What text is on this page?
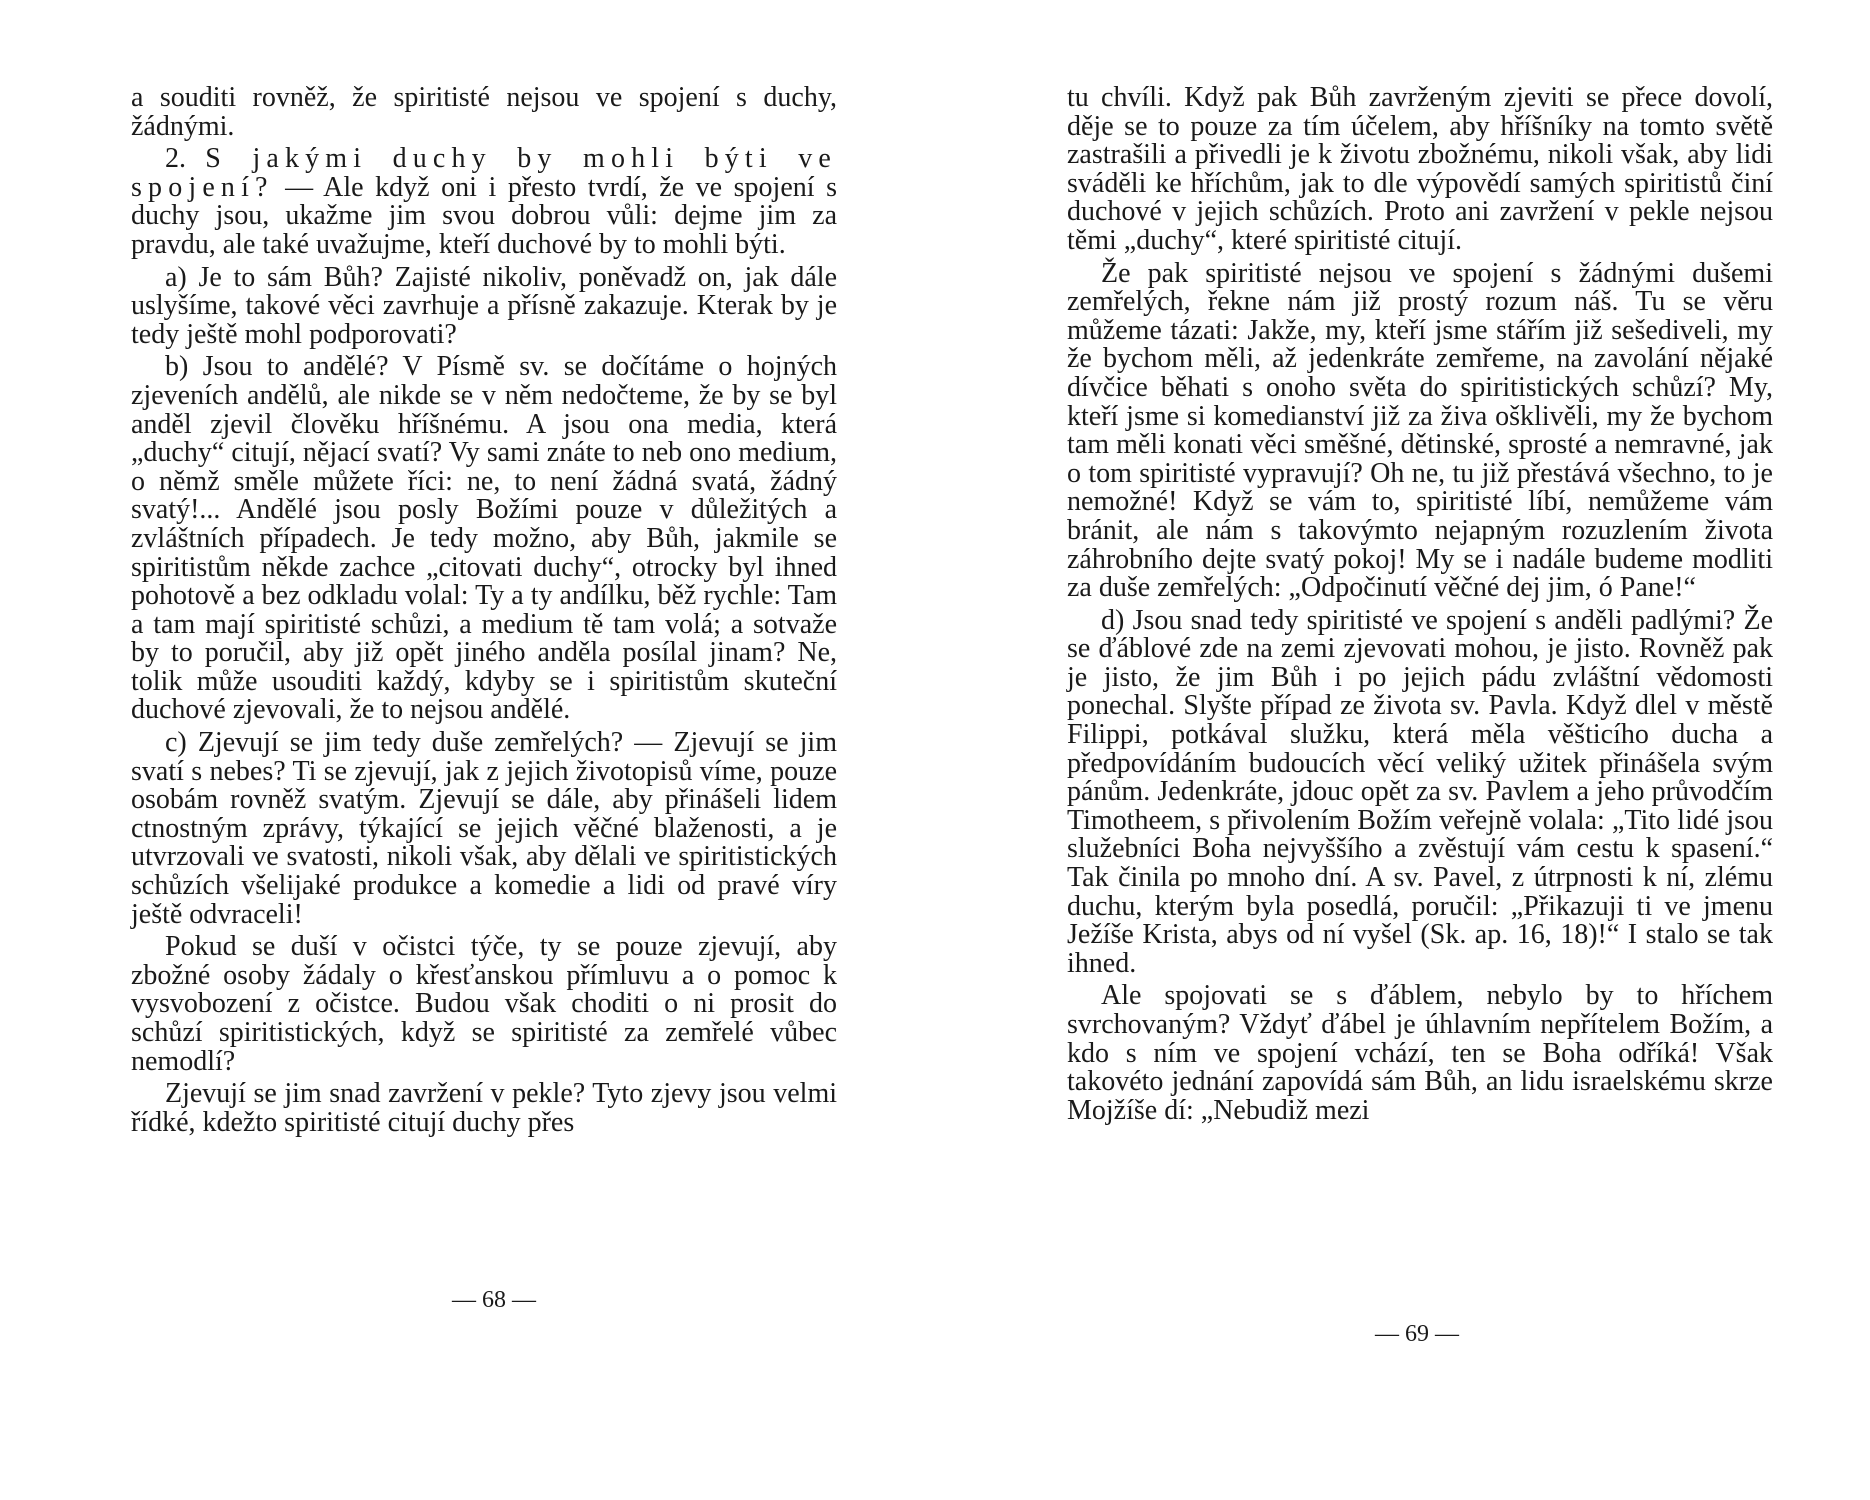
a souditi rovněž, že spiritisté nejsou ve spojení s duchy, žádnými.

2. S jakými duchy by mohli býti ve spojení? — Ale když oni i přesto tvrdí, že ve spojení s duchy jsou, ukažme jim svou dobrou vůli: dejme jim za pravdu, ale také uvažujme, kteří duchové by to mohli býti.

a) Je to sám Bůh? Zajisté nikoliv, poněvadž on, jak dále uslyšíme, takové věci zavrhuje a přísně zakazuje. Kterak by je tedy ještě mohl podporovati?

b) Jsou to andělé? V Písmě sv. se dočítáme o hojných zjeveních andělů, ale nikde se v něm nedočteme, že by se byl anděl zjevil člověku hříšnému. A jsou ona media, která „duchy“ citují, nějací svatí? Vy sami znáte to neb ono medium, o němž směle můžete říci: ne, to není žádná svatá, žádný svatý!... Andělé jsou posly Božími pouze v důležitých a zvláštních případech. Je tedy možno, aby Bůh, jakmile se spiritistům někde zachce „citovati duchy“, otrocky byl ihned pohotově a bez odkladu volal: Ty a ty andílku, běž rychle: Tam a tam mají spiritisté schůzi, a medium tě tam volá; a sotvaže by to poručil, aby již opět jiného anděla posílal jinam? Ne, tolik může usouditi každý, kdyby se i spiritistům skuteční duchové zjevovali, že to nejsou andělé.

c) Zjevují se jim tedy duše zemřelých? — Zjevují se jim svatí s nebes? Ti se zjevují, jak z jejich životopisů víme, pouze osobám rovněž svatým. Zjevují se dále, aby přinášeli lidem ctnostným zprávy, týkající se jejich věčné blaženosti, a je utvrzovali ve svatosti, nikoli však, aby dělali ve spiritistických schůzích všelijaké produkce a komedie a lidi od pravé víry ještě odvraceli!

Pokud se duší v očistci týče, ty se pouze zjevují, aby zbožné osoby žádaly o křesťanskou přímluvu a o pomoc k vysvobození z očistce. Budou však choditi o ni prosit do schůzí spiritistických, když se spiritisté za zemřelé vůbec nemodlí?

Zjevují se jim snad zavržení v pekle? Tyto zjevy jsou velmi řídké, kdežto spiritisté citují duchy přes

— 68 —

tu chvíli. Když pak Bůh zavrženým zjeviti se přece dovolí, děje se to pouze za tím účelem, aby hříšníky na tomto světě zastrašili a přivedli je k životu zbožnému, nikoli však, aby lidi sváděli ke hříchům, jak to dle výpovědí samých spiritistů činí duchové v jejich schůzích. Proto ani zavržení v pekle nejsou těmi „duchy“, které spiritisté citují.

Že pak spiritisté nejsou ve spojení s žádnými dušemi zemřelých, řekne nám již prostý rozum náš. Tu se věru můžeme tázati: Jakže, my, kteří jsme stářím již sešediveli, my že bychom měli, až jedenkráte zemřeme, na zavolání nějaké dívčice běhati s onoho světa do spiritistických schůzí? My, kteří jsme si komedianství již za živa ošklivěli, my že bychom tam měli konati věci směšné, dětinské, sprosté a nemravné, jak o tom spiritisté vypravují? Oh ne, tu již přestává všechno, to je nemožné! Když se vám to, spiritisté líbí, nemůžeme vám bránit, ale nám s takovýmto nejapným rozuzlením života záhrobního dejte svatý pokoj! My se i nadále budeme modliti za duše zemřelých: „Odpočinutí věčné dej jim, ó Pane!“

d) Jsou snad tedy spiritisté ve spojení s anděli padlými? Že se ďáblové zde na zemi zjevovati mohou, je jisto. Rovněž pak je jisto, že jim Bůh i po jejich pádu zvláštní vědomosti ponechal. Slyšte případ ze života sv. Pavla. Když dlel v městě Filippi, potkával služku, která měla věšticího ducha a předpovídáním budoucích věcí veliký užitek přinášela svým pánům. Jedenkráte, jdouc opět za sv. Pavlem a jeho průvodčím Timotheem, s přivolením Božím veřejně volala: „Tito lidé jsou služebníci Boha nejvyššího a zvěstují vám cestu k spasení.“ Tak činila po mnoho dní. A sv. Pavel, z útrpnosti k ní, zlému duchu, kterým byla posedlá, poručil: „Přikazuji ti ve jmenu Ježíše Krista, abys od ní vyšel (Sk. ap. 16, 18)!“ I stalo se tak ihned.

Ale spojovati se s ďáblem, nebylo by to hříchem svrchovaným? Vždyť ďábel je úhlavním nepřítelem Božím, a kdo s ním ve spojení vchází, ten se Boha odříká! Však takovéto jednání zapovídá sám Bůh, an lidu israelskému skrze Mojžíše dí: „Nebudiž mezi

— 69 —
